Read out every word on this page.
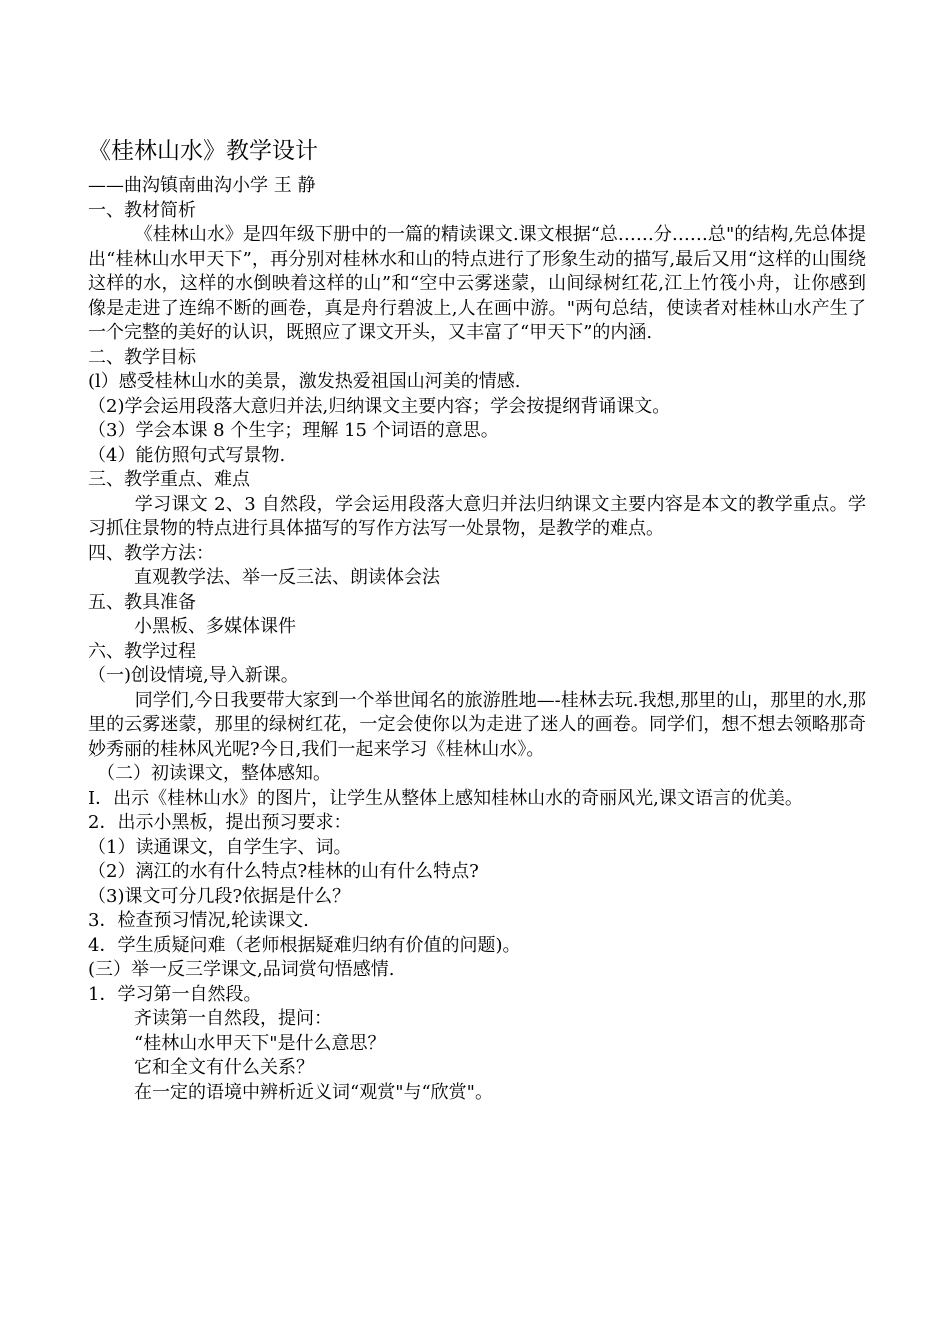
《桂林山水》教学设计
——曲沟镇南曲沟小学 王 静
一、教材简析

《桂林山水》是四年级下册中的一篇的精读课文.课文根据“总……分……总"的结构,先总体提出“桂林山水甲天下”，再分别对桂林水和山的特点进行了形象生动的描写,最后又用“这样的山围绕这样的水，这样的水倒映着这样的山”和“空中云雾迷蒙，山间绿树红花,江上竹筏小舟，让你感到像是走进了连绵不断的画卷，真是舟行碧波上,人在画中游。"两句总结，使读者对桂林山水产生了一个完整的美好的认识，既照应了课文开头，又丰富了“甲天下”的内涵.

二、教学目标
(l）感受桂林山水的美景，激发热爱祖国山河美的情感.
（2)学会运用段落大意归并法,归纳课文主要内容；学会按提纲背诵课文。
（3）学会本课 8 个生字；理解 15 个词语的意思。
（4）能仿照句式写景物.
三、教学重点、难点

学习课文 2、3 自然段，学会运用段落大意归并法归纳课文主要内容是本文的教学重点。学习抓住景物的特点进行具体描写的写作方法写一处景物，是教学的难点。

四、教学方法：
直观教学法、举一反三法、朗读体会法
五、教具准备
小黑板、多媒体课件
六、教学过程
（一)创设情境,导入新课。

同学们,今日我要带大家到一个举世闻名的旅游胜地—-桂林去玩.我想,那里的山，那里的水,那里的云雾迷蒙，那里的绿树红花，一定会使你以为走进了迷人的画卷。同学们，想不想去领略那奇妙秀丽的桂林风光呢?今日,我们一起来学习《桂林山水》。

（二）初读课文，整体感知。

I．出示《桂林山水》的图片，让学生从整体上感知桂林山水的奇丽风光,课文语言的优美。

2．出示小黑板，提出预习要求：
（1）读通课文，自学生字、词。
（2）漓江的水有什么特点?桂林的山有什么特点?
（3)课文可分几段?依据是什么？
3．检查预习情况,轮读课文.
4．学生质疑问难（老师根据疑难归纳有价值的问题)。
(三）举一反三学课文,品词赏句悟感情.
1．学习第一自然段。
齐读第一自然段，提问：
“桂林山水甲天下"是什么意思？
它和全文有什么关系？
在一定的语境中辨析近义词“观赏"与“欣赏"。
